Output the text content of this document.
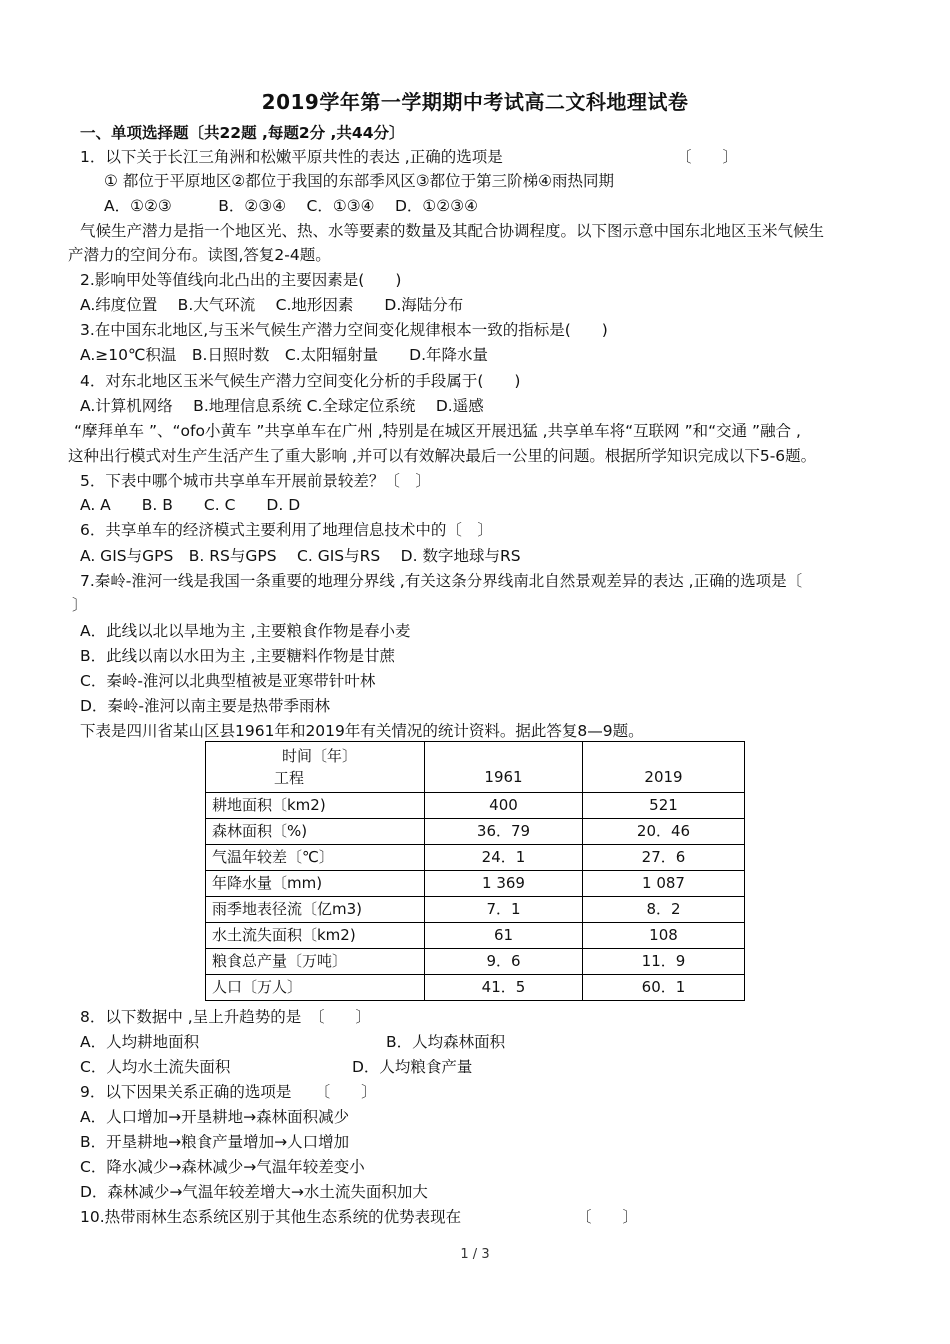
2019学年第一学期期中考试高二文科地理试卷
一、单项选择题〔共22题 ,每题2分 ,共44分〕
1．以下关于长江三角洲和松嫩平原共性的表达 ,正确的选项是	〔　　〕
① 都位于平原地区②都位于我国的东部季风区③都位于第三阶梯④雨热同期
A．①②③　　　B．②③④　 C．①③④　 D．①②③④
气候生产潜力是指一个地区光、热、水等要素的数量及其配合协调程度。以下图示意中国东北地区玉米气候生
产潜力的空间分布。读图,答复2-4题。
2.影响甲处等值线向北凸出的主要因素是(　　)
A.纬度位置　 B.大气环流　 C.地形因素　　D.海陆分布
3.在中国东北地区,与玉米气候生产潜力空间变化规律根本一致的指标是(　　)
A.≥10℃积温　B.日照时数　C.太阳辐射量　　D.年降水量
4．对东北地区玉米气候生产潜力空间变化分析的手段属于(　　)
A.计算机网络　 B.地理信息系统 C.全球定位系统　 D.遥感
“摩拜单车 ”、“ofo小黄车 ”共享单车在广州 ,特别是在城区开展迅猛 ,共享单车将“互联网 ”和“交通 ”融合 ,
这种出行模式对生产生活产生了重大影响 ,并可以有效解决最后一公里的问题。根据所学知识完成以下5-6题。
5．下表中哪个城市共享单车开展前景较差？〔　〕
A. A　　B. B　　C. C　　D. D
6．共享单车的经济模式主要利用了地理信息技术中的〔　〕
A. GIS与GPS　B. RS与GPS　 C. GIS与RS　 D. 数字地球与RS
7.秦岭-淮河一线是我国一条重要的地理分界线 ,有关这条分界线南北自然景观差异的表达 ,正确的选项是〔
〕
A．此线以北以旱地为主 ,主要粮食作物是春小麦
B．此线以南以水田为主 ,主要糖料作物是甘蔗
C．秦岭-淮河以北典型植被是亚寒带针叶林
D．秦岭-淮河以南主要是热带季雨林
下表是四川省某山区县1961年和2019年有关情况的统计资料。据此答复8—9题。
时间〔年〕
工程	1961	2019
耕地面积〔km2)	400	521
森林面积〔%)	36．79	20．46
气温年较差〔℃〕	24．1	27．6
年降水量〔mm)	1 369	1 087
雨季地表径流〔亿m3)	7．1	8．2
水土流失面积〔km2)	61	108
粮食总产量〔万吨〕	9．6	11．9
人口〔万人〕	41．5	60．1
8．以下数据中 ,呈上升趋势的是　〔　　〕
A．人均耕地面积	B．人均森林面积
C．人均水土流失面积	D．人均粮食产量
9．以下因果关系正确的选项是　　〔　　〕
A．人口增加→开垦耕地→森林面积减少
B．开垦耕地→粮食产量增加→人口增加
C．降水减少→森林减少→气温年较差变小
D．森林减少→气温年较差增大→水土流失面积加大
10.热带雨林生态系统区别于其他生态系统的优势表现在	〔　　〕
1 / 3
